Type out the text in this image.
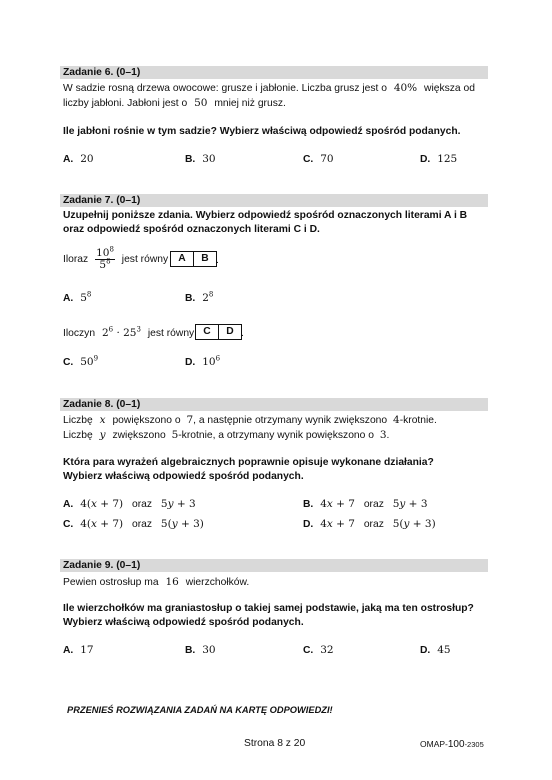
Zadanie 6. (0–1)
W sadzie rosną drzewa owocowe: grusze i jabłonie. Liczba grusz jest o 40% większa od
liczby jabłoni. Jabłoni jest o 50 mniej niż grusz.
Ile jabłoni rośnie w tym sadzie? Wybierz właściwą odpowiedź spośród podanych.
A. 20	B. 30	C. 70	D. 125
Zadanie 7. (0–1)
Uzupełnij poniższe zdania. Wybierz odpowiedź spośród oznaczonych literami A i B
oraz odpowiedź spośród oznaczonych literami C i D.
Iloraz $\frac{10^8}{5^8}$ jest równy A	B .
A. $5^8$	B. $2^8$
Iloczyn $2^6 \cdot 25^3$ jest równy C	D .
C. $50^9$	D. $10^6$
Zadanie 8. (0–1)
Liczbę x powiększono o 7, a następnie otrzymany wynik zwiększono 4-krotnie.
Liczbę y zwiększono 5-krotnie, a otrzymany wynik powiększono o 3.
Która para wyrażeń algebraicznych poprawnie opisuje wykonane działania?
Wybierz właściwą odpowiedź spośród podanych.
A. 4(𝑥 + 7) oraz 5𝑦 + 3	B. 4𝑥 + 7 oraz 5𝑦 + 3
C. 4(𝑥 + 7) oraz 5(𝑦 + 3)	D. 4𝑥 + 7 oraz 5(𝑦 + 3)
Zadanie 9. (0–1)
Pewien ostrosłup ma 16 wierzchołków.
Ile wierzchołków ma graniastosłup o takiej samej podstawie, jaką ma ten ostrosłup?
Wybierz właściwą odpowiedź spośród podanych.
A. 17	B. 30	C. 32	D. 45
PRZENIEŚ ROZWIĄZANIA ZADAŃ NA KARTĘ ODPOWIEDZI!
Strona 8 z 20	OMAP-100-2305
